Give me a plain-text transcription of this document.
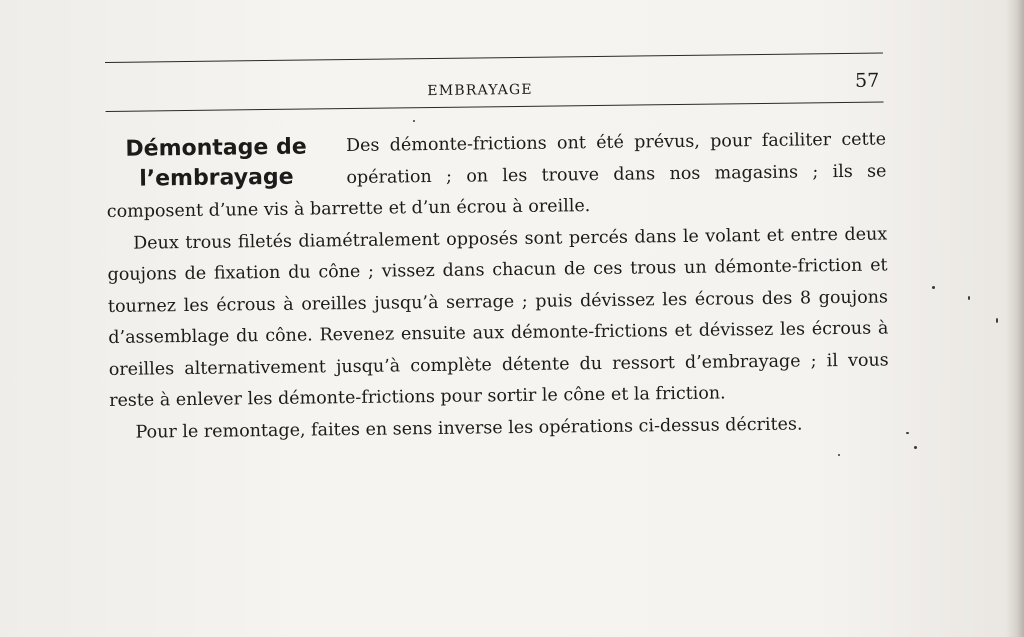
EMBRAYAGE	57
Démontage de
l’embrayage

Des démonte-frictions ont été prévus, pour faciliter cette opération ; on les trouve dans nos magasins ; ils se composent d’une vis à barrette et d’un écrou à oreille.

Deux trous filetés diamétralement opposés sont percés dans le volant et entre deux goujons de fixation du cône ; vissez dans chacun de ces trous un démonte-friction et tournez les écrous à oreilles jusqu’à serrage ; puis dévissez les écrous des 8 goujons d’assemblage du cône. Revenez ensuite aux démonte-frictions et dévissez les écrous à oreilles alternativement jusqu’à complète détente du ressort d’embrayage ; il vous reste à enlever les démonte-frictions pour sortir le cône et la friction.

Pour le remontage, faites en sens inverse les opérations ci-dessus décrites.
